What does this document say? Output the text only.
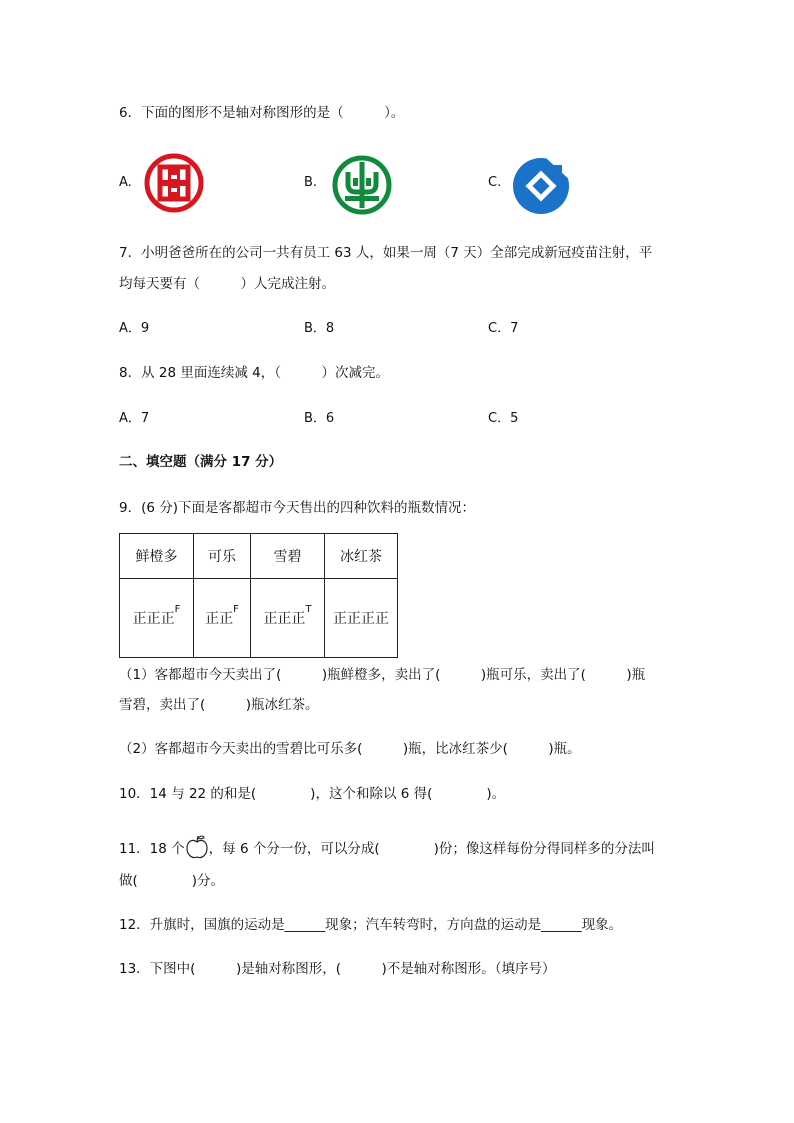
6．下面的图形不是轴对称图形的是（　　　）。
A.	B.	C.
7．小明爸爸所在的公司一共有员工 63 人，如果一周（7 天）全部完成新冠疫苗注射，平
均每天要有（　　　）人完成注射。
A．9	B．8	C．7
8．从 28 里面连续减 4，（　　　）次减完。
A．7	B．6	C．5
二、填空题（满分 17 分）
9．(6 分)下面是客都超市今天售出的四种饮料的瓶数情况：
鲜橙多	可乐	雪碧	冰红茶
正正正$^F$	正正$^F$	正正正$^T$	正正正正
（1）客都超市今天卖出了(　　　)瓶鲜橙多，卖出了(　　　)瓶可乐，卖出了(　　　)瓶
雪碧，卖出了(　　　)瓶冰红茶。
（2）客都超市今天卖出的雪碧比可乐多(　　　)瓶，比冰红茶少(　　　)瓶。
10．14 与 22 的和是(　　　　)，这个和除以 6 得(　　　　)。
11．18 个 ，每 6 个分一份，可以分成(　　　　)份；像这样每份分得同样多的分法叫
做(　　　　)分。
12．升旗时，国旗的运动是______现象；汽车转弯时，方向盘的运动是______现象。
13．下图中(　　　)是轴对称图形，(　　　)不是轴对称图形。（填序号）
